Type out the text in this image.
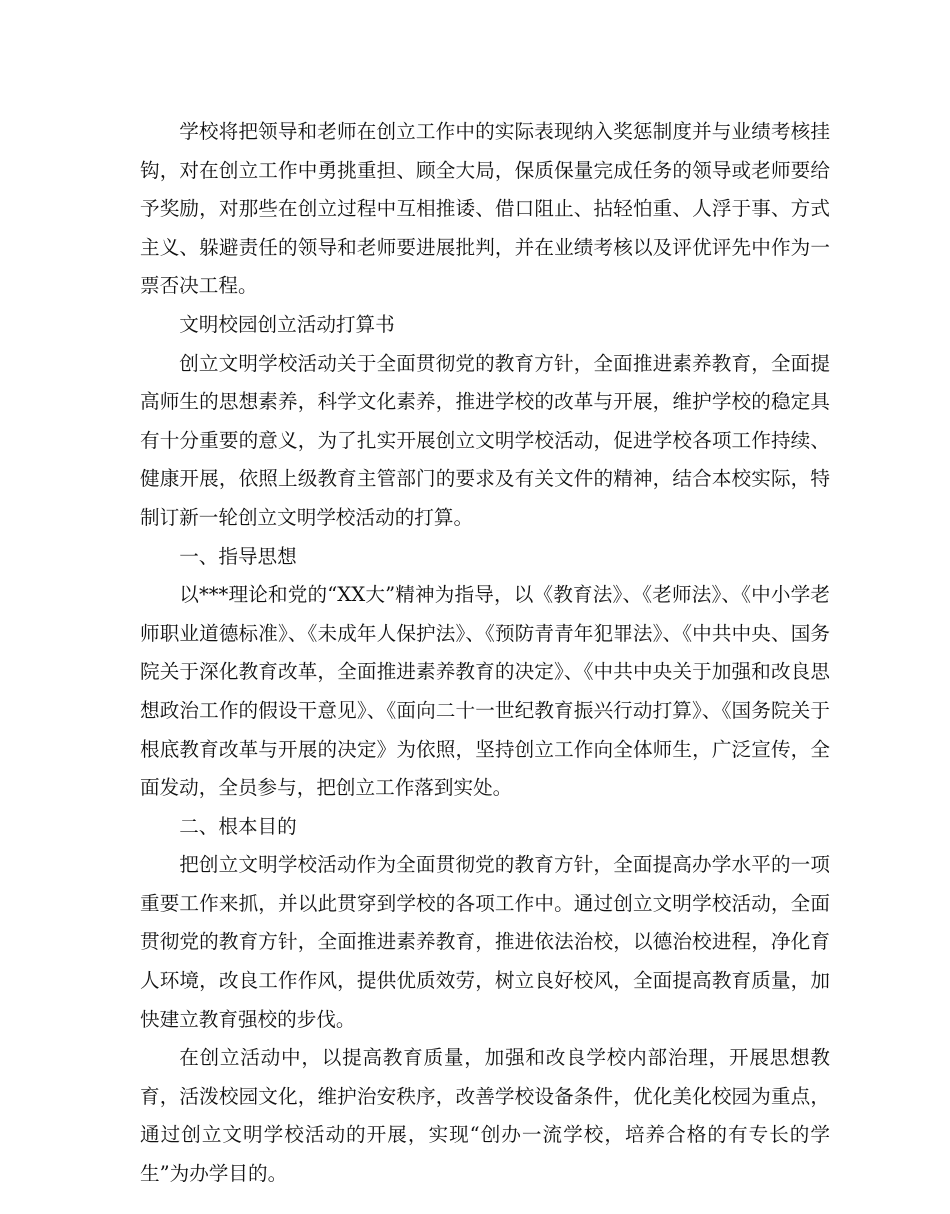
学校将把领导和老师在创立工作中的实际表现纳入奖惩制度并与业绩考核挂钩，对在创立工作中勇挑重担、顾全大局，保质保量完成任务的领导或老师要给予奖励，对那些在创立过程中互相推诿、借口阻止、拈轻怕重、人浮于事、方式主义、躲避责任的领导和老师要进展批判，并在业绩考核以及评优评先中作为一票否决工程。

文明校园创立活动打算书

创立文明学校活动关于全面贯彻党的教育方针，全面推进素养教育，全面提高师生的思想素养，科学文化素养，推进学校的改革与开展，维护学校的稳定具有十分重要的意义，为了扎实开展创立文明学校活动，促进学校各项工作持续、健康开展，依照上级教育主管部门的要求及有关文件的精神，结合本校实际，特制订新一轮创立文明学校活动的打算。

一、指导思想

以***理论和党的“XX大”精神为指导，以《教育法》、《老师法》、《中小学老师职业道德标准》、《未成年人保护法》、《预防青青年犯罪法》、《中共中央、国务院关于深化教育改革，全面推进素养教育的决定》、《中共中央关于加强和改良思想政治工作的假设干意见》、《面向二十一世纪教育振兴行动打算》、《国务院关于根底教育改革与开展的决定》为依照，坚持创立工作向全体师生，广泛宣传，全面发动，全员参与，把创立工作落到实处。

二、根本目的

把创立文明学校活动作为全面贯彻党的教育方针，全面提高办学水平的一项重要工作来抓，并以此贯穿到学校的各项工作中。通过创立文明学校活动，全面贯彻党的教育方针，全面推进素养教育，推进依法治校，以德治校进程，净化育人环境，改良工作作风，提供优质效劳，树立良好校风，全面提高教育质量，加快建立教育强校的步伐。

在创立活动中，以提高教育质量，加强和改良学校内部治理，开展思想教育，活泼校园文化，维护治安秩序，改善学校设备条件，优化美化校园为重点，通过创立文明学校活动的开展，实现“创办一流学校，培养合格的有专长的学生”为办学目的。
